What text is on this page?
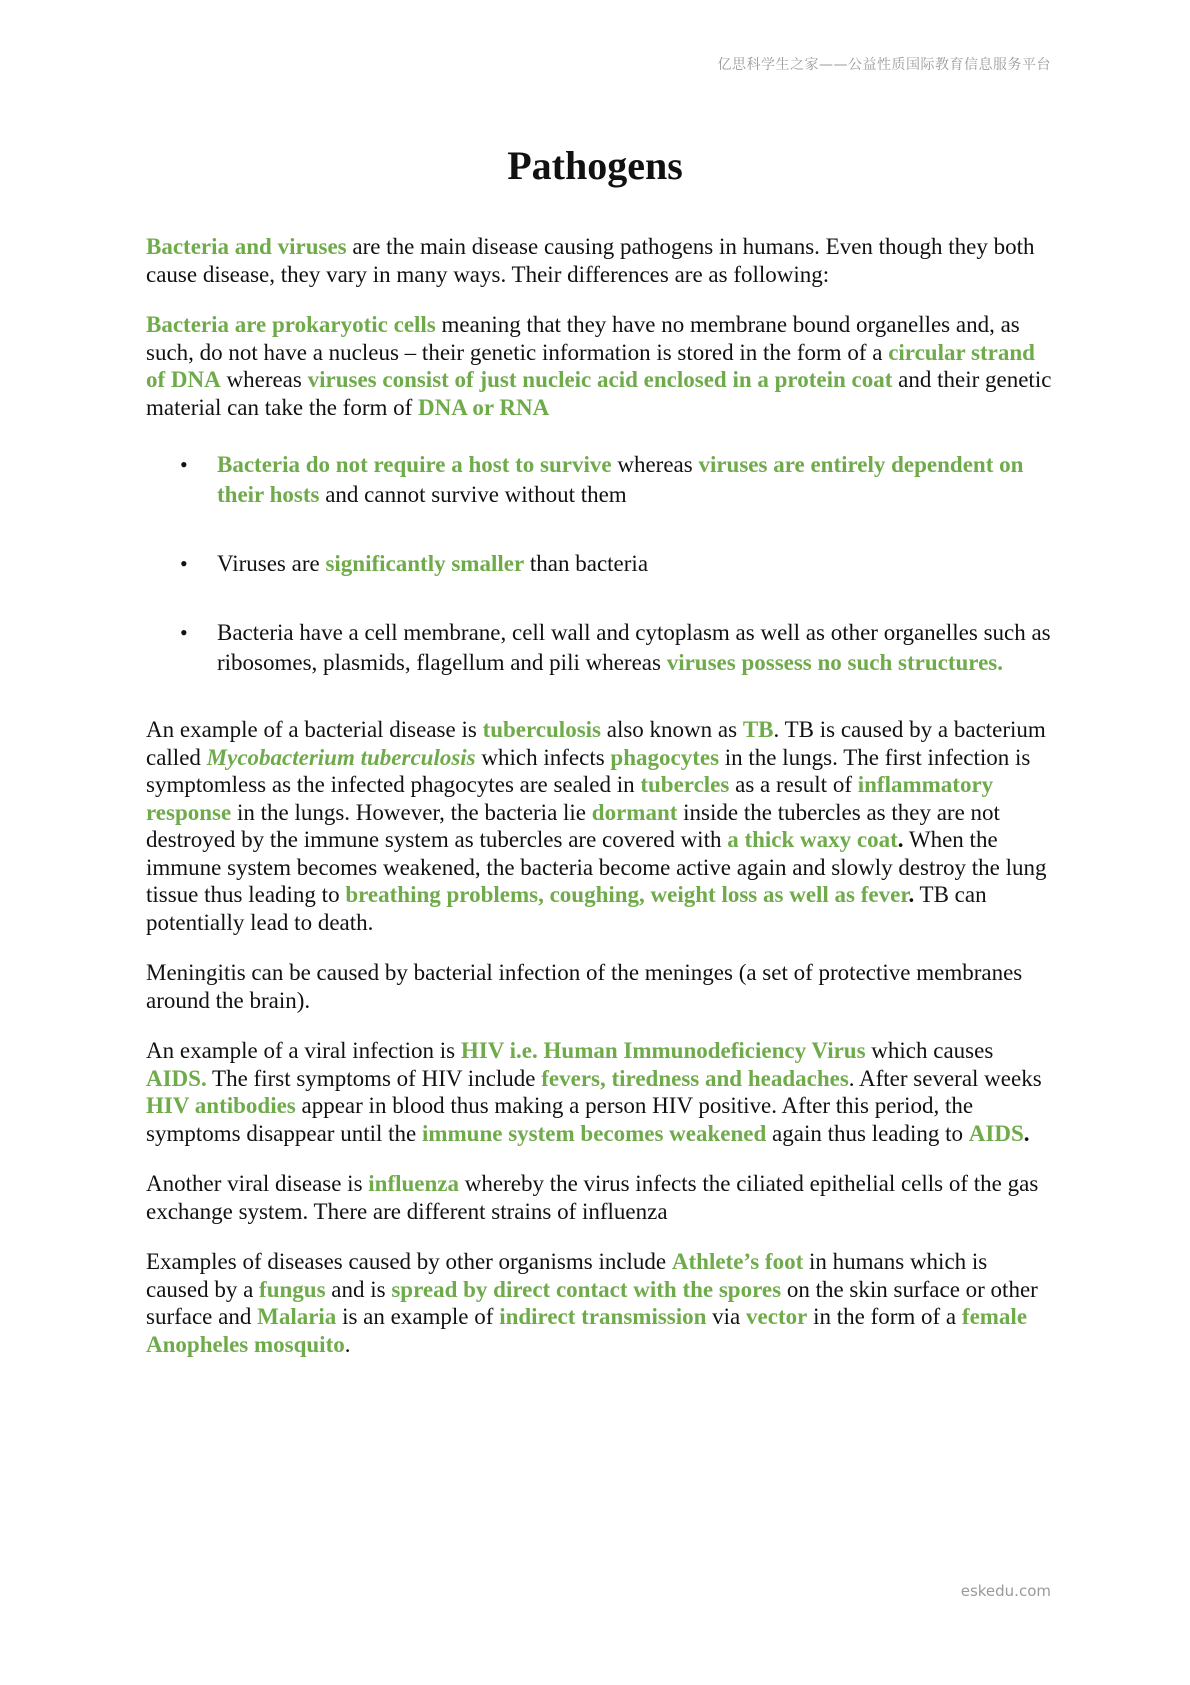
亿思科学生之家——公益性质国际教育信息服务平台
Pathogens

Bacteria and viruses are the main disease causing pathogens in humans. Even though they both cause disease, they vary in many ways. Their differences are as following:

Bacteria are prokaryotic cells meaning that they have no membrane bound organelles and, as such, do not have a nucleus – their genetic information is stored in the form of a circular strand of DNA whereas viruses consist of just nucleic acid enclosed in a protein coat and their genetic material can take the form of DNA or RNA

• Bacteria do not require a host to survive whereas viruses are entirely dependent on their hosts and cannot survive without them
• Viruses are significantly smaller than bacteria
• Bacteria have a cell membrane, cell wall and cytoplasm as well as other organelles such as ribosomes, plasmids, flagellum and pili whereas viruses possess no such structures.

An example of a bacterial disease is tuberculosis also known as TB. TB is caused by a bacterium called Mycobacterium tuberculosis which infects phagocytes in the lungs. The first infection is symptomless as the infected phagocytes are sealed in tubercles as a result of inflammatory response in the lungs. However, the bacteria lie dormant inside the tubercles as they are not destroyed by the immune system as tubercles are covered with a thick waxy coat. When the immune system becomes weakened, the bacteria become active again and slowly destroy the lung tissue thus leading to breathing problems, coughing, weight loss as well as fever. TB can potentially lead to death.

Meningitis can be caused by bacterial infection of the meninges (a set of protective membranes around the brain).

An example of a viral infection is HIV i.e. Human Immunodeficiency Virus which causes AIDS. The first symptoms of HIV include fevers, tiredness and headaches. After several weeks HIV antibodies appear in blood thus making a person HIV positive. After this period, the symptoms disappear until the immune system becomes weakened again thus leading to AIDS.

Another viral disease is influenza whereby the virus infects the ciliated epithelial cells of the gas exchange system. There are different strains of influenza

Examples of diseases caused by other organisms include Athlete’s foot in humans which is caused by a fungus and is spread by direct contact with the spores on the skin surface or other surface and Malaria is an example of indirect transmission via vector in the form of a female Anopheles mosquito.

eskedu.com
